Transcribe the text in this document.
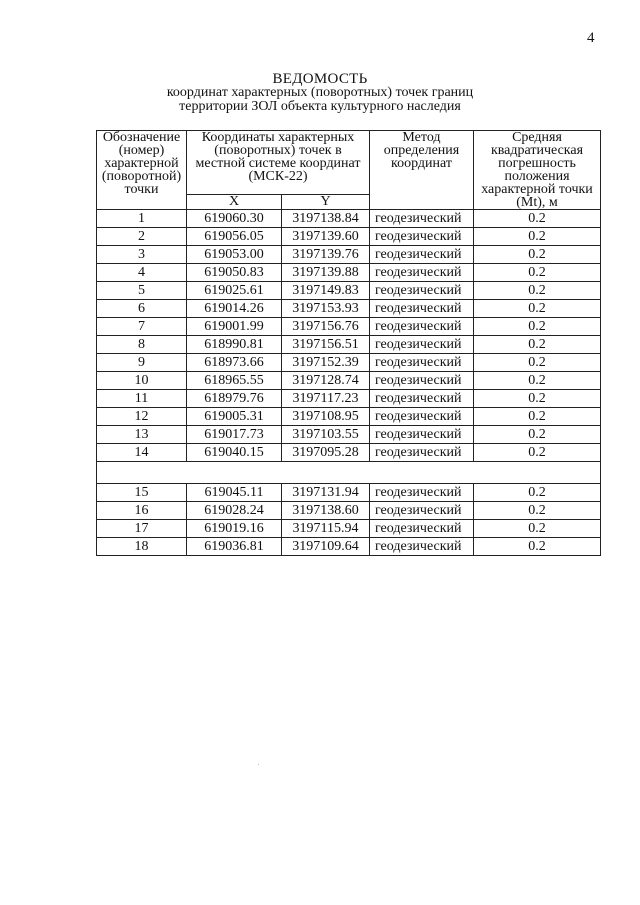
4
ВЕДОМОСТЬ
координат характерных (поворотных) точек границ
территории ЗОЛ объекта культурного наследия
Обозначение (номер) характерной (поворотной) точки	Координаты характерных (поворотных) точек в местной системе координат (МСК-22)		Метод определения координат	Средняя квадратическая погрешность положения характерной точки (Mt), м
	X	Y		
1	619060.30	3197138.84	геодезический	0.2
2	619056.05	3197139.60	геодезический	0.2
3	619053.00	3197139.76	геодезический	0.2
4	619050.83	3197139.88	геодезический	0.2
5	619025.61	3197149.83	геодезический	0.2
6	619014.26	3197153.93	геодезический	0.2
7	619001.99	3197156.76	геодезический	0.2
8	618990.81	3197156.51	геодезический	0.2
9	618973.66	3197152.39	геодезический	0.2
10	618965.55	3197128.74	геодезический	0.2
11	618979.76	3197117.23	геодезический	0.2
12	619005.31	3197108.95	геодезический	0.2
13	619017.73	3197103.55	геодезический	0.2
14	619040.15	3197095.28	геодезический	0.2

15	619045.11	3197131.94	геодезический	0.2
16	619028.24	3197138.60	геодезический	0.2
17	619019.16	3197115.94	геодезический	0.2
18	619036.81	3197109.64	геодезический	0.2
